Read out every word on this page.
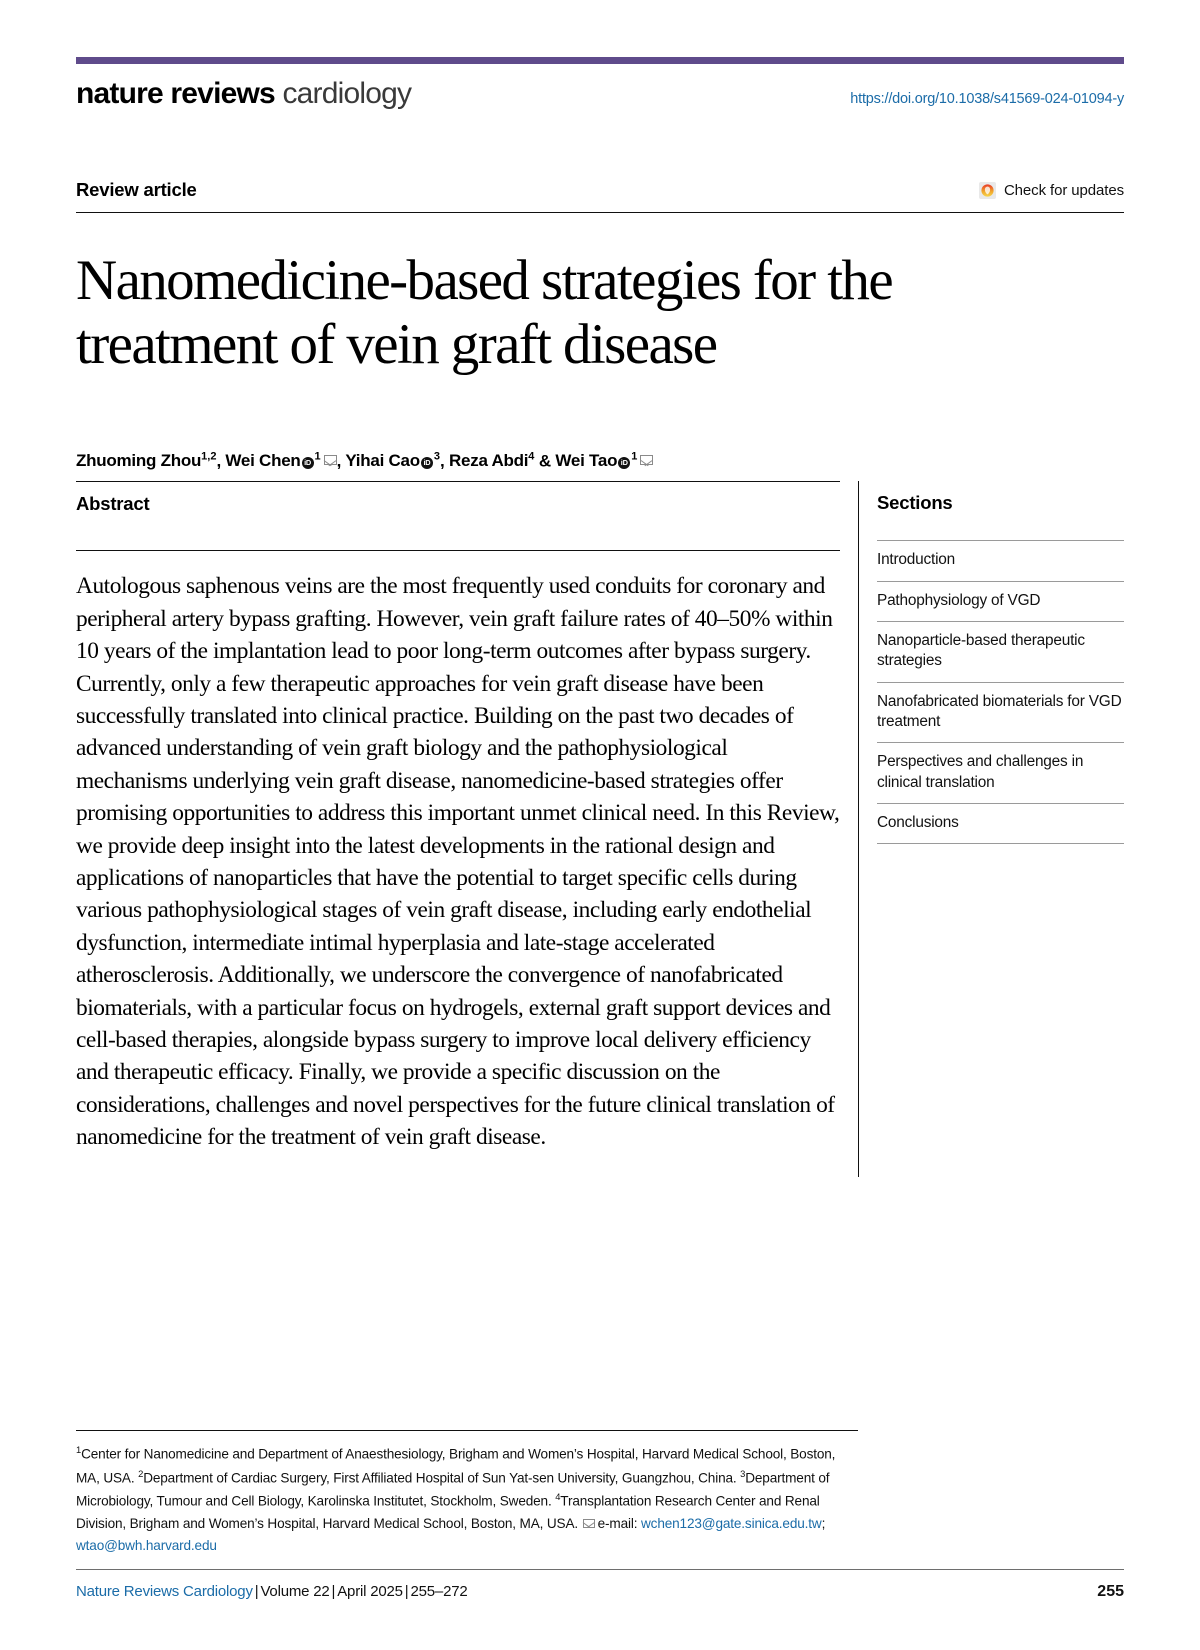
nature reviews cardiology	https://doi.org/10.1038/s41569-024-01094-y
Review article	Check for updates
Nanomedicine-based strategies for the treatment of vein graft disease
Zhuoming Zhou$^{1,2}$, Wei Chen $iD^1$ , Yihai Cao $iD^3$, Reza Abdi$^4$ & Wei Tao $iD^1$
Abstract

Autologous saphenous veins are the most frequently used conduits for coronary and peripheral artery bypass grafting. However, vein graft failure rates of 40–50% within 10 years of the implantation lead to poor long-term outcomes after bypass surgery. Currently, only a few therapeutic approaches for vein graft disease have been successfully translated into clinical practice. Building on the past two decades of advanced understanding of vein graft biology and the pathophysiological mechanisms underlying vein graft disease, nanomedicine-based strategies offer promising opportunities to address this important unmet clinical need. In this Review, we provide deep insight into the latest developments in the rational design and applications of nanoparticles that have the potential to target specific cells during various pathophysiological stages of vein graft disease, including early endothelial dysfunction, intermediate intimal hyperplasia and late-stage accelerated atherosclerosis. Additionally, we underscore the convergence of nanofabricated biomaterials, with a particular focus on hydrogels, external graft support devices and cell-based therapies, alongside bypass surgery to improve local delivery efficiency and therapeutic efficacy. Finally, we provide a specific discussion on the considerations, challenges and novel perspectives for the future clinical translation of nanomedicine for the treatment of vein graft disease.

Sections
Introduction
Pathophysiology of VGD
Nanoparticle-based therapeutic strategies
Nanofabricated biomaterials for VGD treatment
Perspectives and challenges in clinical translation
Conclusions
$^1$Center for Nanomedicine and Department of Anaesthesiology, Brigham and Women’s Hospital, Harvard Medical School, Boston, MA, USA. $^2$Department of Cardiac Surgery, First Affiliated Hospital of Sun Yat-sen University, Guangzhou, China. $^3$Department of Microbiology, Tumour and Cell Biology, Karolinska Institutet, Stockholm, Sweden. $^4$Transplantation Research Center and Renal Division, Brigham and Women’s Hospital, Harvard Medical School, Boston, MA, USA. e-mail: wchen123@gate.sinica.edu.tw; wtao@bwh.harvard.edu
Nature Reviews Cardiology | Volume 22 | April 2025 | 255–272	255
